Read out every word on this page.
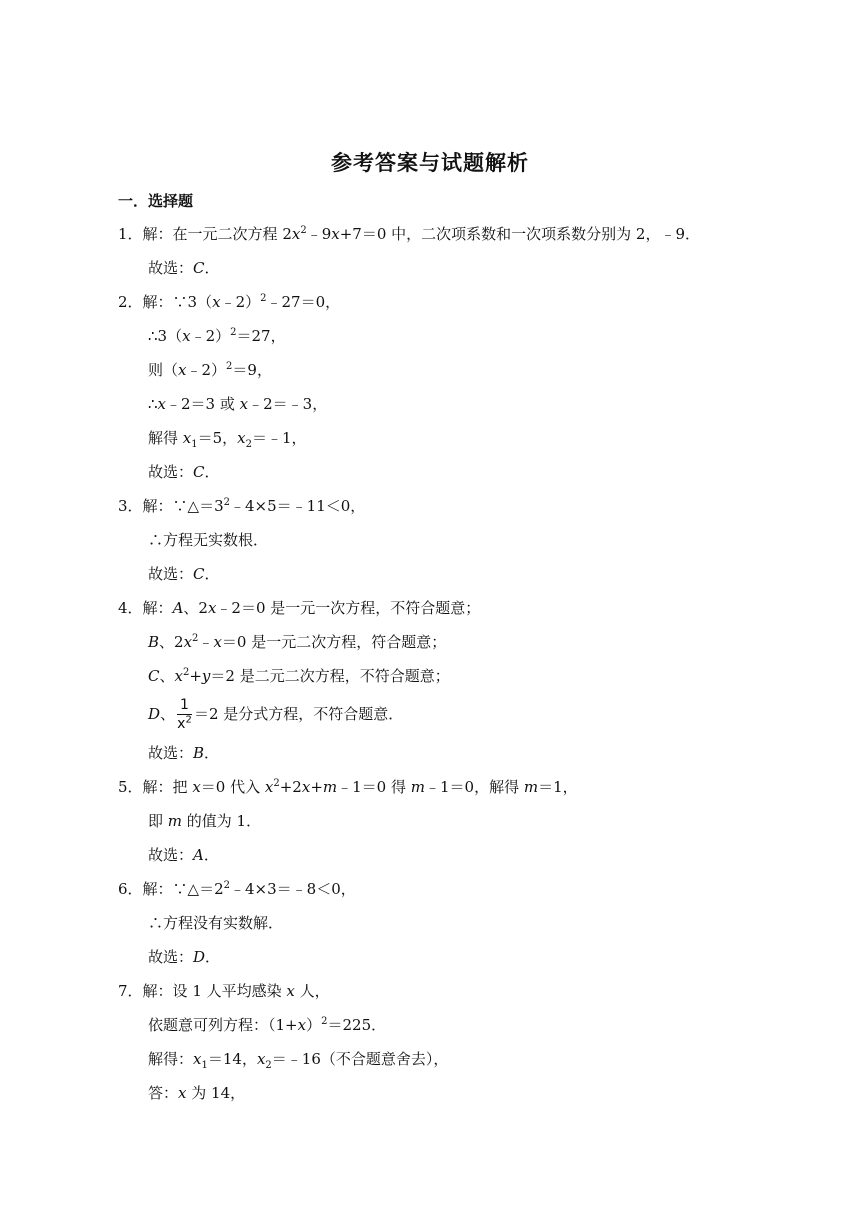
参考答案与试题解析
一．选择题
1．解：在一元二次方程 $2x^2﹣9x+7=0$ 中，二次项系数和一次项系数分别为 2，﹣9．
故选：C．
2．解：∵3（x﹣2）$^2$﹣27＝0，
∴3（x﹣2）$^2$＝27，
则（x﹣2）$^2$＝9，
∴x﹣2＝3 或 x﹣2＝﹣3，
解得 $x_1=5$，$x_2=﹣1$，
故选：C．
3．解：$\because\triangle=3^2﹣4\times 5=﹣11<0$，
∴方程无实数根．
故选：C．
4．解：A、2x﹣2＝0 是一元一次方程，不符合题意；
B、$2x^2﹣x=0$ 是一元二次方程，符合题意；
C、$x^2+y=2$ 是二元二次方程，不符合题意；
D、 $\frac{1}{x^2} =2$ 是分式方程，不符合题意．
故选：B．
5．解：把 x＝0 代入 $x^2+2x+m﹣1=0$ 得 m﹣1＝0，解得 m＝1，
即 m 的值为 1．
故选：A．
6．解：$\because\triangle=2^2﹣4\times 3=﹣8<0$，
∴方程没有实数解．
故选：D．
7．解：设 1 人平均感染 x 人，
依题意可列方程：$(1+x)^2=225$．
解得：$x_1=14$，$x_2=﹣16$（不合题意舍去），
答：x 为 14，
